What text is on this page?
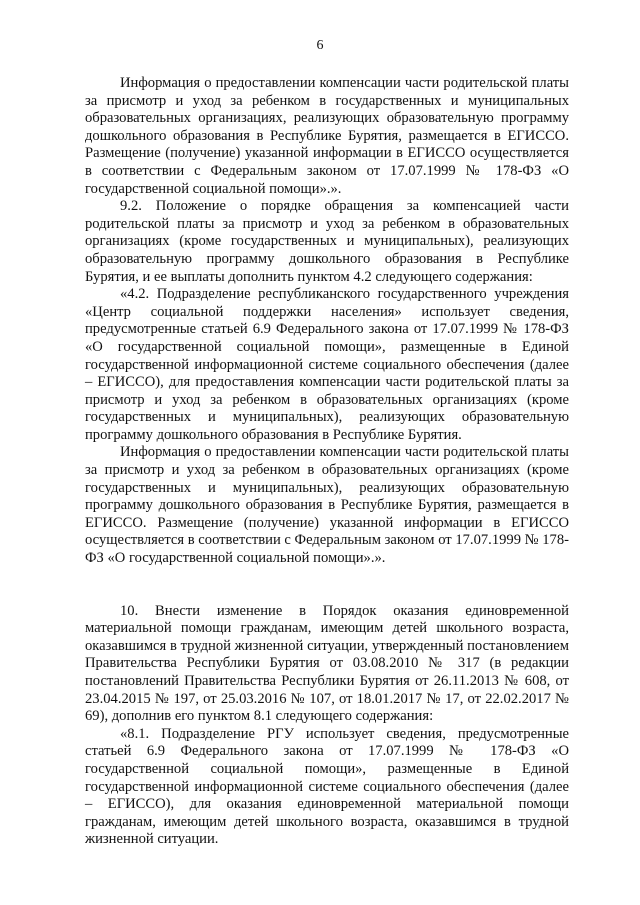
6

Информация о предоставлении компенсации части родительской платы за присмотр и уход за ребенком в государственных и муниципальных образовательных организациях, реализующих образовательную программу дошкольного образования в Республике Бурятия, размещается в ЕГИССО. Размещение (получение) указанной информации в ЕГИССО осуществляется в соответствии с Федеральным законом от 17.07.1999 № 178-ФЗ «О государственной социальной помощи».».

9.2. Положение о порядке обращения за компенсацией части родительской платы за присмотр и уход за ребенком в образовательных организациях (кроме государственных и муниципальных), реализующих образовательную программу дошкольного образования в Республике Бурятия, и ее выплаты дополнить пунктом 4.2 следующего содержания:

«4.2. Подразделение республиканского государственного учреждения «Центр социальной поддержки населения» использует сведения, предусмотренные статьей 6.9 Федерального закона от 17.07.1999 № 178-ФЗ «О государственной социальной помощи», размещенные в Единой государственной информационной системе социального обеспечения (далее – ЕГИССО), для предоставления компенсации части родительской платы за присмотр и уход за ребенком в образовательных организациях (кроме государственных и муниципальных), реализующих образовательную программу дошкольного образования в Республике Бурятия.

Информация о предоставлении компенсации части родительской платы за присмотр и уход за ребенком в образовательных организациях (кроме государственных и муниципальных), реализующих образовательную программу дошкольного образования в Республике Бурятия, размещается в ЕГИССО. Размещение (получение) указанной информации в ЕГИССО осуществляется в соответствии с Федеральным законом от 17.07.1999 № 178-ФЗ «О государственной социальной помощи».».

10. Внести изменение в Порядок оказания единовременной материальной помощи гражданам, имеющим детей школьного возраста, оказавшимся в трудной жизненной ситуации, утвержденный постановлением Правительства Республики Бурятия от 03.08.2010 № 317 (в редакции постановлений Правительства Республики Бурятия от 26.11.2013 № 608, от 23.04.2015 № 197, от 25.03.2016 № 107, от 18.01.2017 № 17, от 22.02.2017 № 69), дополнив его пунктом 8.1 следующего содержания:

«8.1. Подразделение РГУ использует сведения, предусмотренные статьей 6.9 Федерального закона от 17.07.1999 № 178-ФЗ «О государственной социальной помощи», размещенные в Единой государственной информационной системе социального обеспечения (далее – ЕГИССО), для оказания единовременной материальной помощи гражданам, имеющим детей школьного возраста, оказавшимся в трудной жизненной ситуации.
